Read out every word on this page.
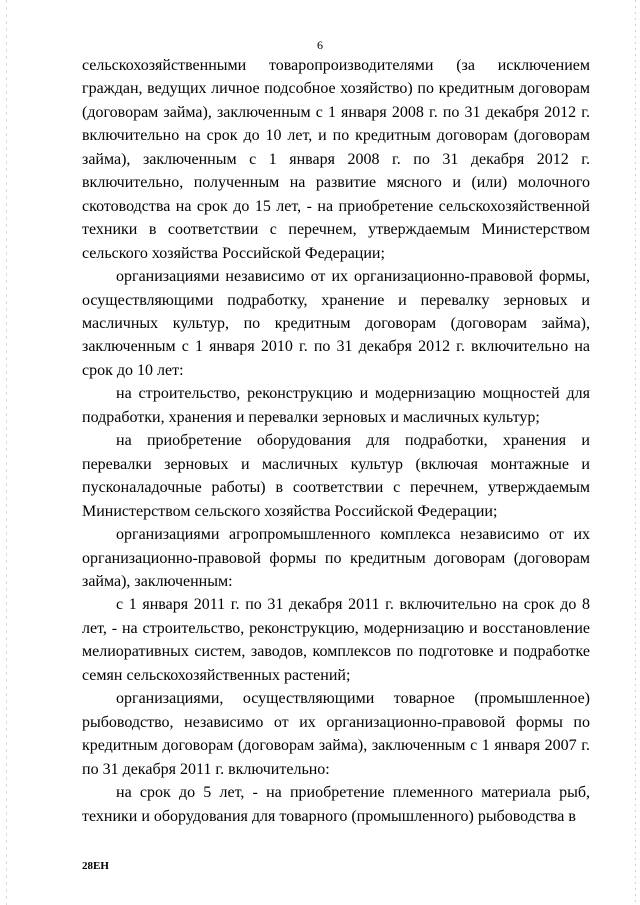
6

сельскохозяйственными товаропроизводителями (за исключением граждан, ведущих личное подсобное хозяйство) по кредитным договорам (договорам займа), заключенным с 1 января 2008 г. по 31 декабря 2012 г. включительно на срок до 10 лет, и по кредитным договорам (договорам займа), заключенным с 1 января 2008 г. по 31 декабря 2012 г. включительно, полученным на развитие мясного и (или) молочного скотоводства на срок до 15 лет, - на приобретение сельскохозяйственной техники в соответствии с перечнем, утверждаемым Министерством сельского хозяйства Российской Федерации;

организациями независимо от их организационно-правовой формы, осуществляющими подработку, хранение и перевалку зерновых и масличных культур, по кредитным договорам (договорам займа), заключенным с 1 января 2010 г. по 31 декабря 2012 г. включительно на срок до 10 лет:

на строительство, реконструкцию и модернизацию мощностей для подработки, хранения и перевалки зерновых и масличных культур;

на приобретение оборудования для подработки, хранения и перевалки зерновых и масличных культур (включая монтажные и пусконаладочные работы) в соответствии с перечнем, утверждаемым Министерством сельского хозяйства Российской Федерации;

организациями агропромышленного комплекса независимо от их организационно-правовой формы по кредитным договорам (договорам займа), заключенным:

с 1 января 2011 г. по 31 декабря 2011 г. включительно на срок до 8 лет, - на строительство, реконструкцию, модернизацию и восстановление мелиоративных систем, заводов, комплексов по подготовке и подработке семян сельскохозяйственных растений;

организациями, осуществляющими товарное (промышленное) рыбоводство, независимо от их организационно-правовой формы по кредитным договорам (договорам займа), заключенным с 1 января 2007 г. по 31 декабря 2011 г. включительно:

на срок до 5 лет, - на приобретение племенного материала рыб, техники и оборудования для товарного (промышленного) рыбоводства в

28EH
